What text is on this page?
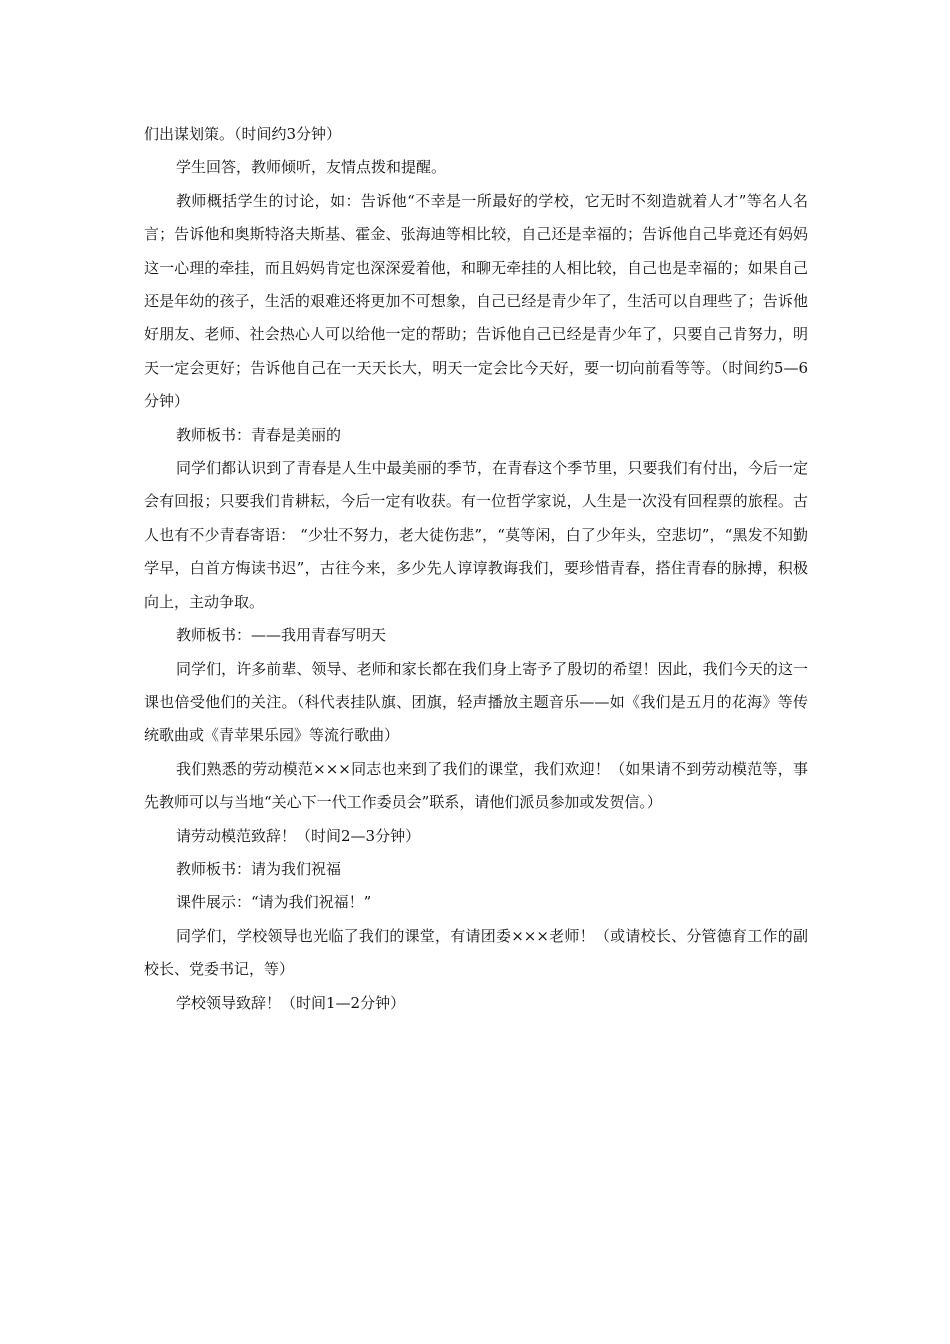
们出谋划策。（时间约3分钟）

学生回答，教师倾听，友情点拨和提醒。

教师概括学生的讨论，如：告诉他“不幸是一所最好的学校，它无时不刻造就着人才”等名人名言；告诉他和奥斯特洛夫斯基、霍金、张海迪等相比较，自己还是幸福的；告诉他自己毕竟还有妈妈这一心理的牵挂，而且妈妈肯定也深深爱着他，和聊无牵挂的人相比较，自己也是幸福的；如果自己还是年幼的孩子，生活的艰难还将更加不可想象，自己已经是青少年了，生活可以自理些了；告诉他好朋友、老师、社会热心人可以给他一定的帮助；告诉他自己已经是青少年了，只要自己肯努力，明天一定会更好；告诉他自己在一天天长大，明天一定会比今天好，要一切向前看等等。（时间约5—6分钟）

教师板书：青春是美丽的

同学们都认识到了青春是人生中最美丽的季节，在青春这个季节里，只要我们有付出，今后一定会有回报；只要我们肯耕耘，今后一定有收获。有一位哲学家说，人生是一次没有回程票的旅程。古人也有不少青春寄语： “少壮不努力，老大徒伤悲”，“莫等闲，白了少年头，空悲切”，“黑发不知勤学早，白首方悔读书迟”，古往今来，多少先人谆谆教诲我们，要珍惜青春，搭住青春的脉搏，积极向上，主动争取。

教师板书：——我用青春写明天

同学们，许多前辈、领导、老师和家长都在我们身上寄予了殷切的希望！因此，我们今天的这一课也倍受他们的关注。（科代表挂队旗、团旗，轻声播放主题音乐——如《我们是五月的花海》等传统歌曲或《青苹果乐园》等流行歌曲）

我们熟悉的劳动模范×××同志也来到了我们的课堂，我们欢迎！（如果请不到劳动模范等，事先教师可以与当地“关心下一代工作委员会”联系，请他们派员参加或发贺信。）

请劳动模范致辞！（时间2—3分钟）

教师板书：请为我们祝福

课件展示：“请为我们祝福！”

同学们，学校领导也光临了我们的课堂，有请团委×××老师！（或请校长、分管德育工作的副校长、党委书记，等）

学校领导致辞！（时间1—2分钟）
